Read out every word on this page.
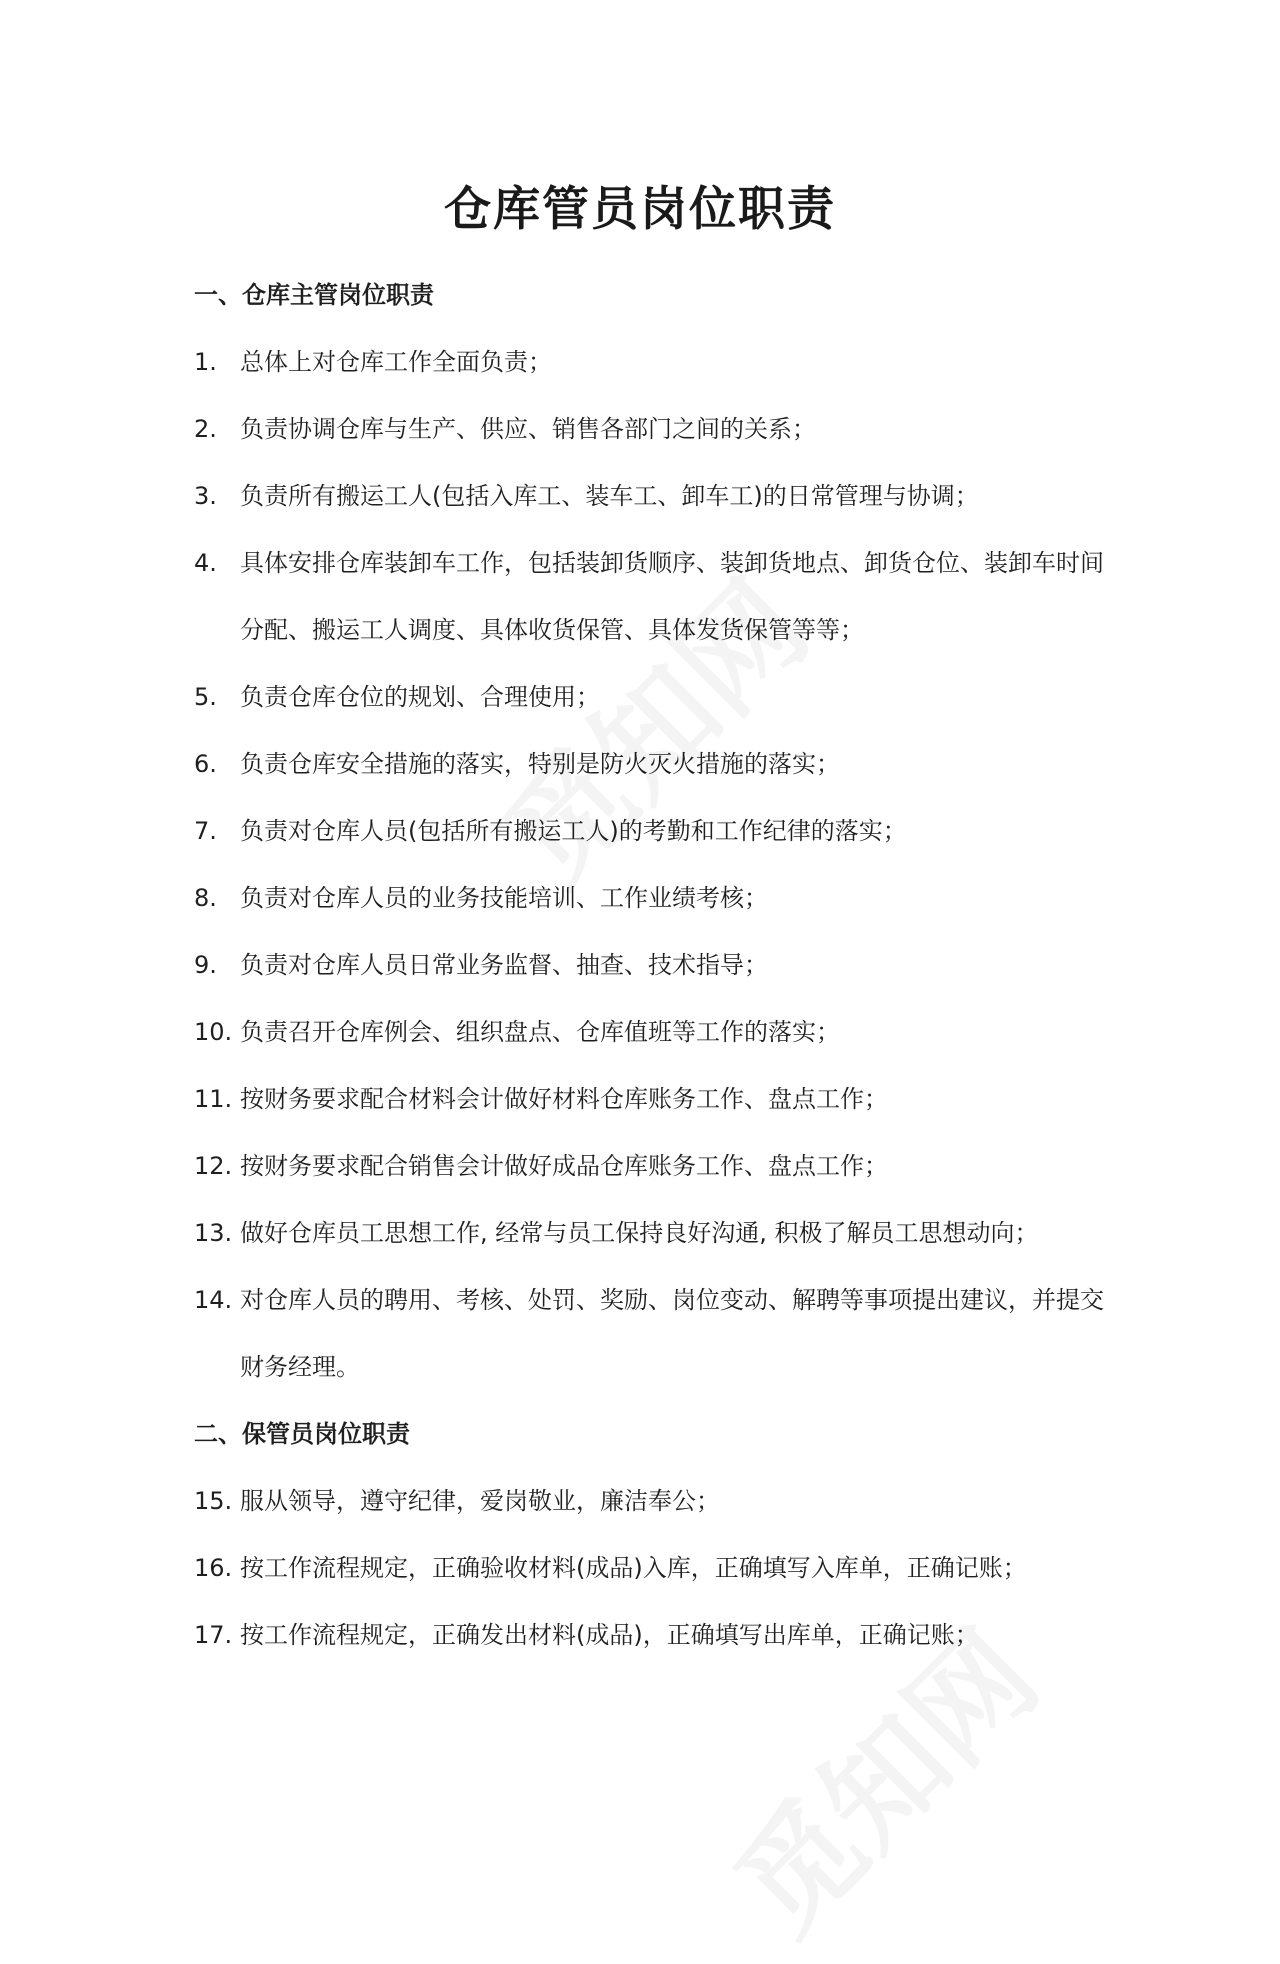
仓库管员岗位职责
一、仓库主管岗位职责
1. 总体上对仓库工作全面负责；
2. 负责协调仓库与生产、供应、销售各部门之间的关系；
3. 负责所有搬运工人(包括入库工、装车工、卸车工)的日常管理与协调；
4. 具体安排仓库装卸车工作，包括装卸货顺序、装卸货地点、卸货仓位、装卸车时间分配、搬运工人调度、具体收货保管、具体发货保管等等；
5. 负责仓库仓位的规划、合理使用；
6. 负责仓库安全措施的落实，特别是防火灭火措施的落实；
7. 负责对仓库人员(包括所有搬运工人)的考勤和工作纪律的落实；
8. 负责对仓库人员的业务技能培训、工作业绩考核；
9. 负责对仓库人员日常业务监督、抽查、技术指导；
10. 负责召开仓库例会、组织盘点、仓库值班等工作的落实；
11. 按财务要求配合材料会计做好材料仓库账务工作、盘点工作；
12. 按财务要求配合销售会计做好成品仓库账务工作、盘点工作；
13. 做好仓库员工思想工作, 经常与员工保持良好沟通, 积极了解员工思想动向；
14. 对仓库人员的聘用、考核、处罚、奖励、岗位变动、解聘等事项提出建议，并提交财务经理。
二、保管员岗位职责
15. 服从领导，遵守纪律，爱岗敬业，廉洁奉公；
16. 按工作流程规定，正确验收材料(成品)入库，正确填写入库单，正确记账；
17. 按工作流程规定，正确发出材料(成品)，正确填写出库单，正确记账；
